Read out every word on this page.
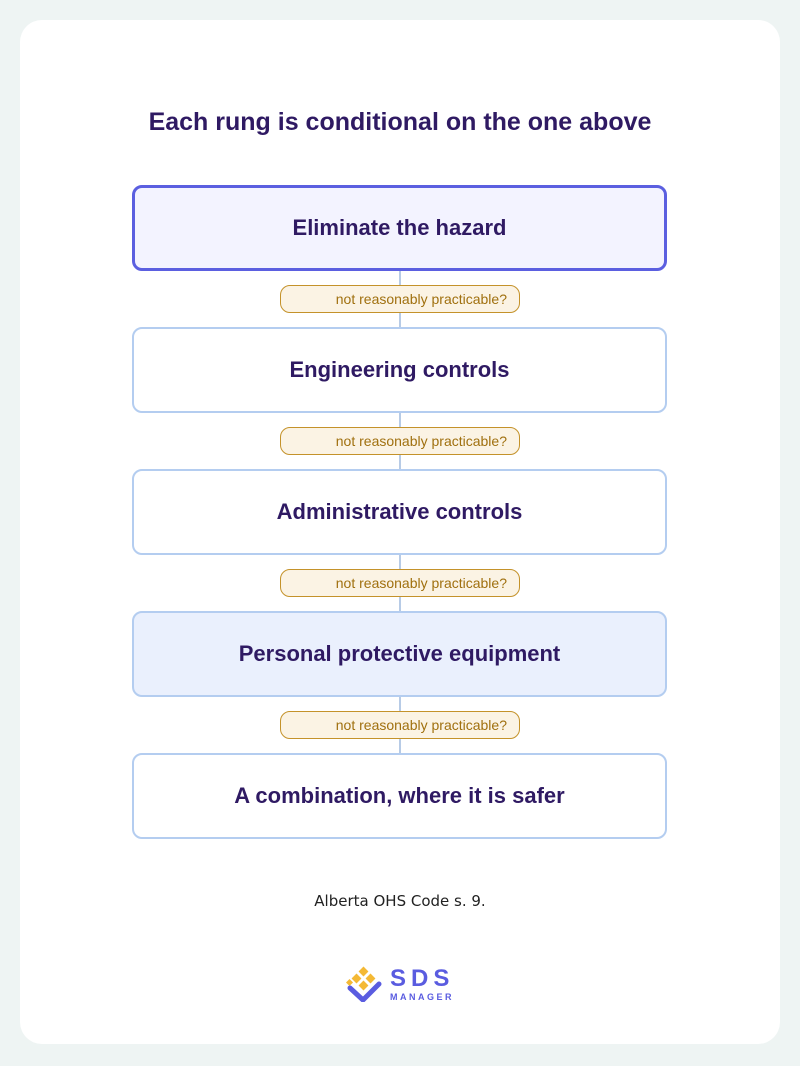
Each rung is conditional on the one above
Eliminate the hazard
Engineering controls
Administrative controls
Personal protective equipment
A combination, where it is safer
not reasonably practicable?
not reasonably practicable?
not reasonably practicable?
not reasonably practicable?
Alberta OHS Code s. 9.
SDS
MANAGER
